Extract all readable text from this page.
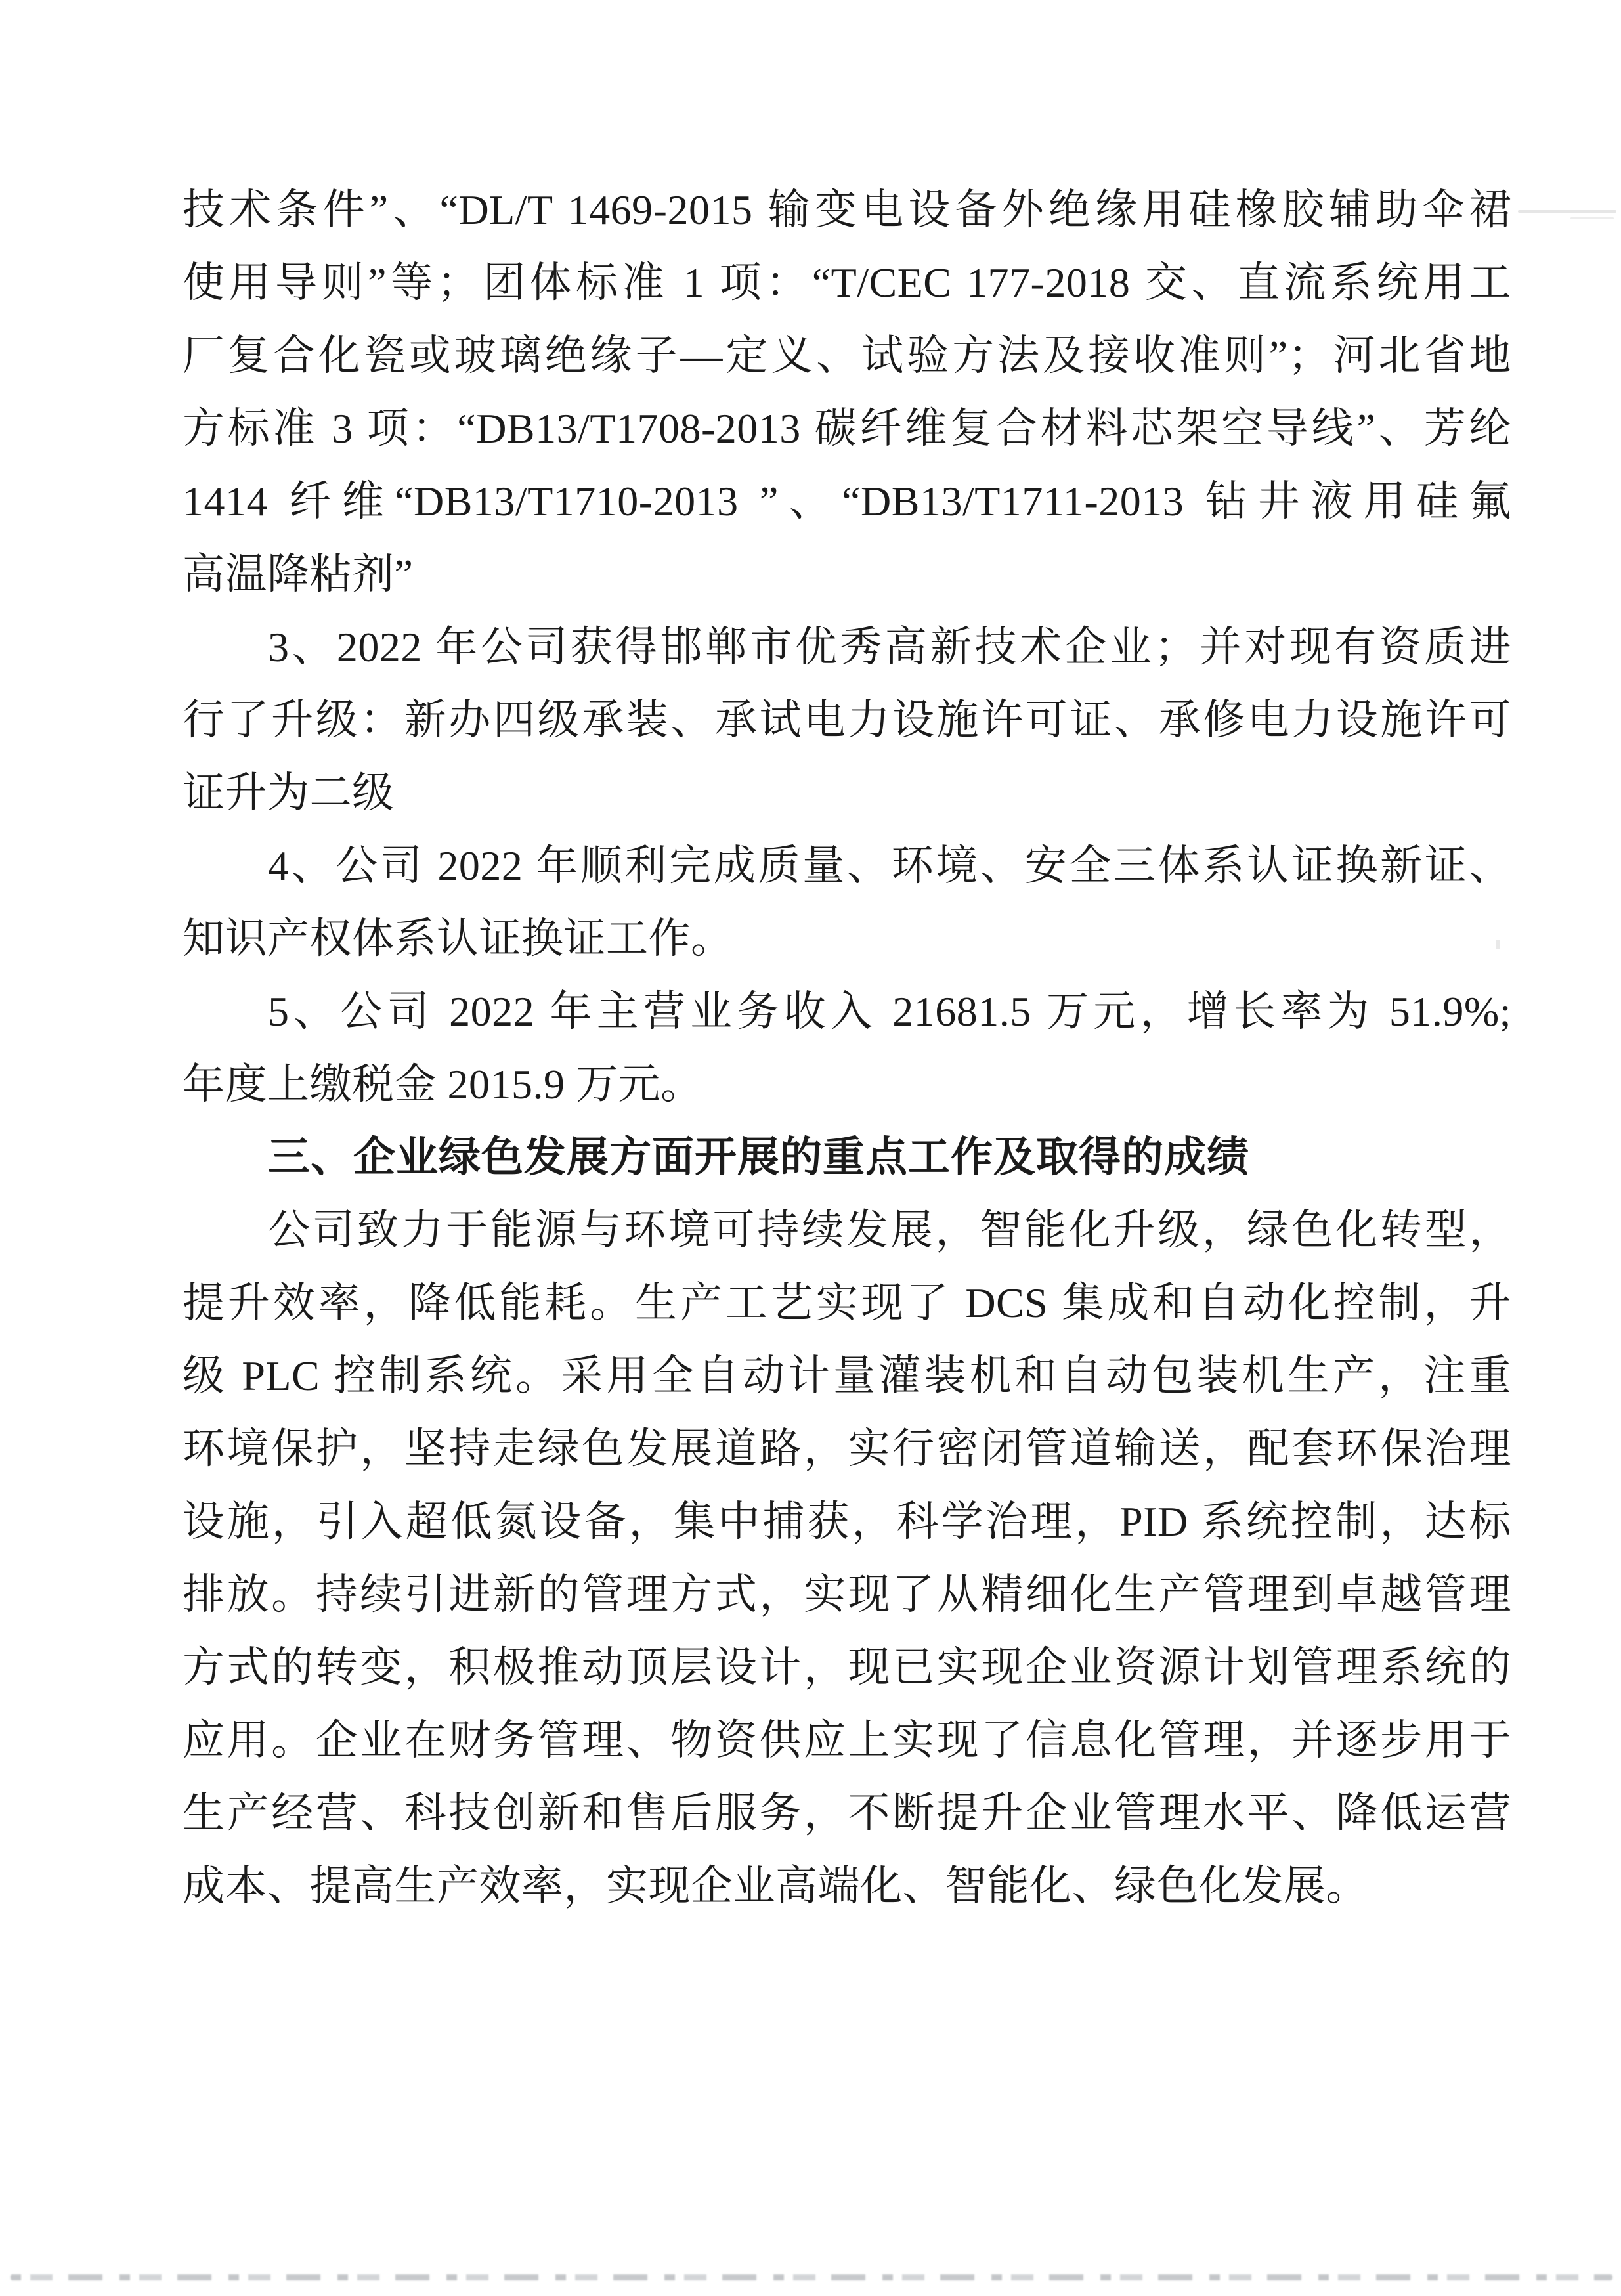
技术条件”、“DL/T 1469-2015 输变电设备外绝缘用硅橡胶辅助伞裙
使用导则”等；团体标准 1 项：“T/CEC 177-2018 交、直流系统用工
厂复合化瓷或玻璃绝缘子—定义、试验方法及接收准则”；河北省地
方标准 3 项：“DB13/T1708-2013 碳纤维复合材料芯架空导线”、芳纶
1414 纤维“DB13/T1710-2013 ”、“DB13/T1711-2013 钻井液用硅氟
高温降粘剂”
3、2022 年公司获得邯郸市优秀高新技术企业；并对现有资质进
行了升级：新办四级承装、承试电力设施许可证、承修电力设施许可
证升为二级
4、公司 2022 年顺利完成质量、环境、安全三体系认证换新证、
知识产权体系认证换证工作。
5、公司 2022 年主营业务收入 21681.5 万元，增长率为 51.9%;
年度上缴税金 2015.9 万元。
三、企业绿色发展方面开展的重点工作及取得的成绩
公司致力于能源与环境可持续发展，智能化升级，绿色化转型，
提升效率，降低能耗。生产工艺实现了 DCS 集成和自动化控制，升
级 PLC 控制系统。采用全自动计量灌装机和自动包装机生产，注重
环境保护，坚持走绿色发展道路，实行密闭管道输送，配套环保治理
设施，引入超低氮设备，集中捕获，科学治理，PID 系统控制，达标
排放。持续引进新的管理方式，实现了从精细化生产管理到卓越管理
方式的转变，积极推动顶层设计，现已实现企业资源计划管理系统的
应用。企业在财务管理、物资供应上实现了信息化管理，并逐步用于
生产经营、科技创新和售后服务，不断提升企业管理水平、降低运营
成本、提高生产效率，实现企业高端化、智能化、绿色化发展。
